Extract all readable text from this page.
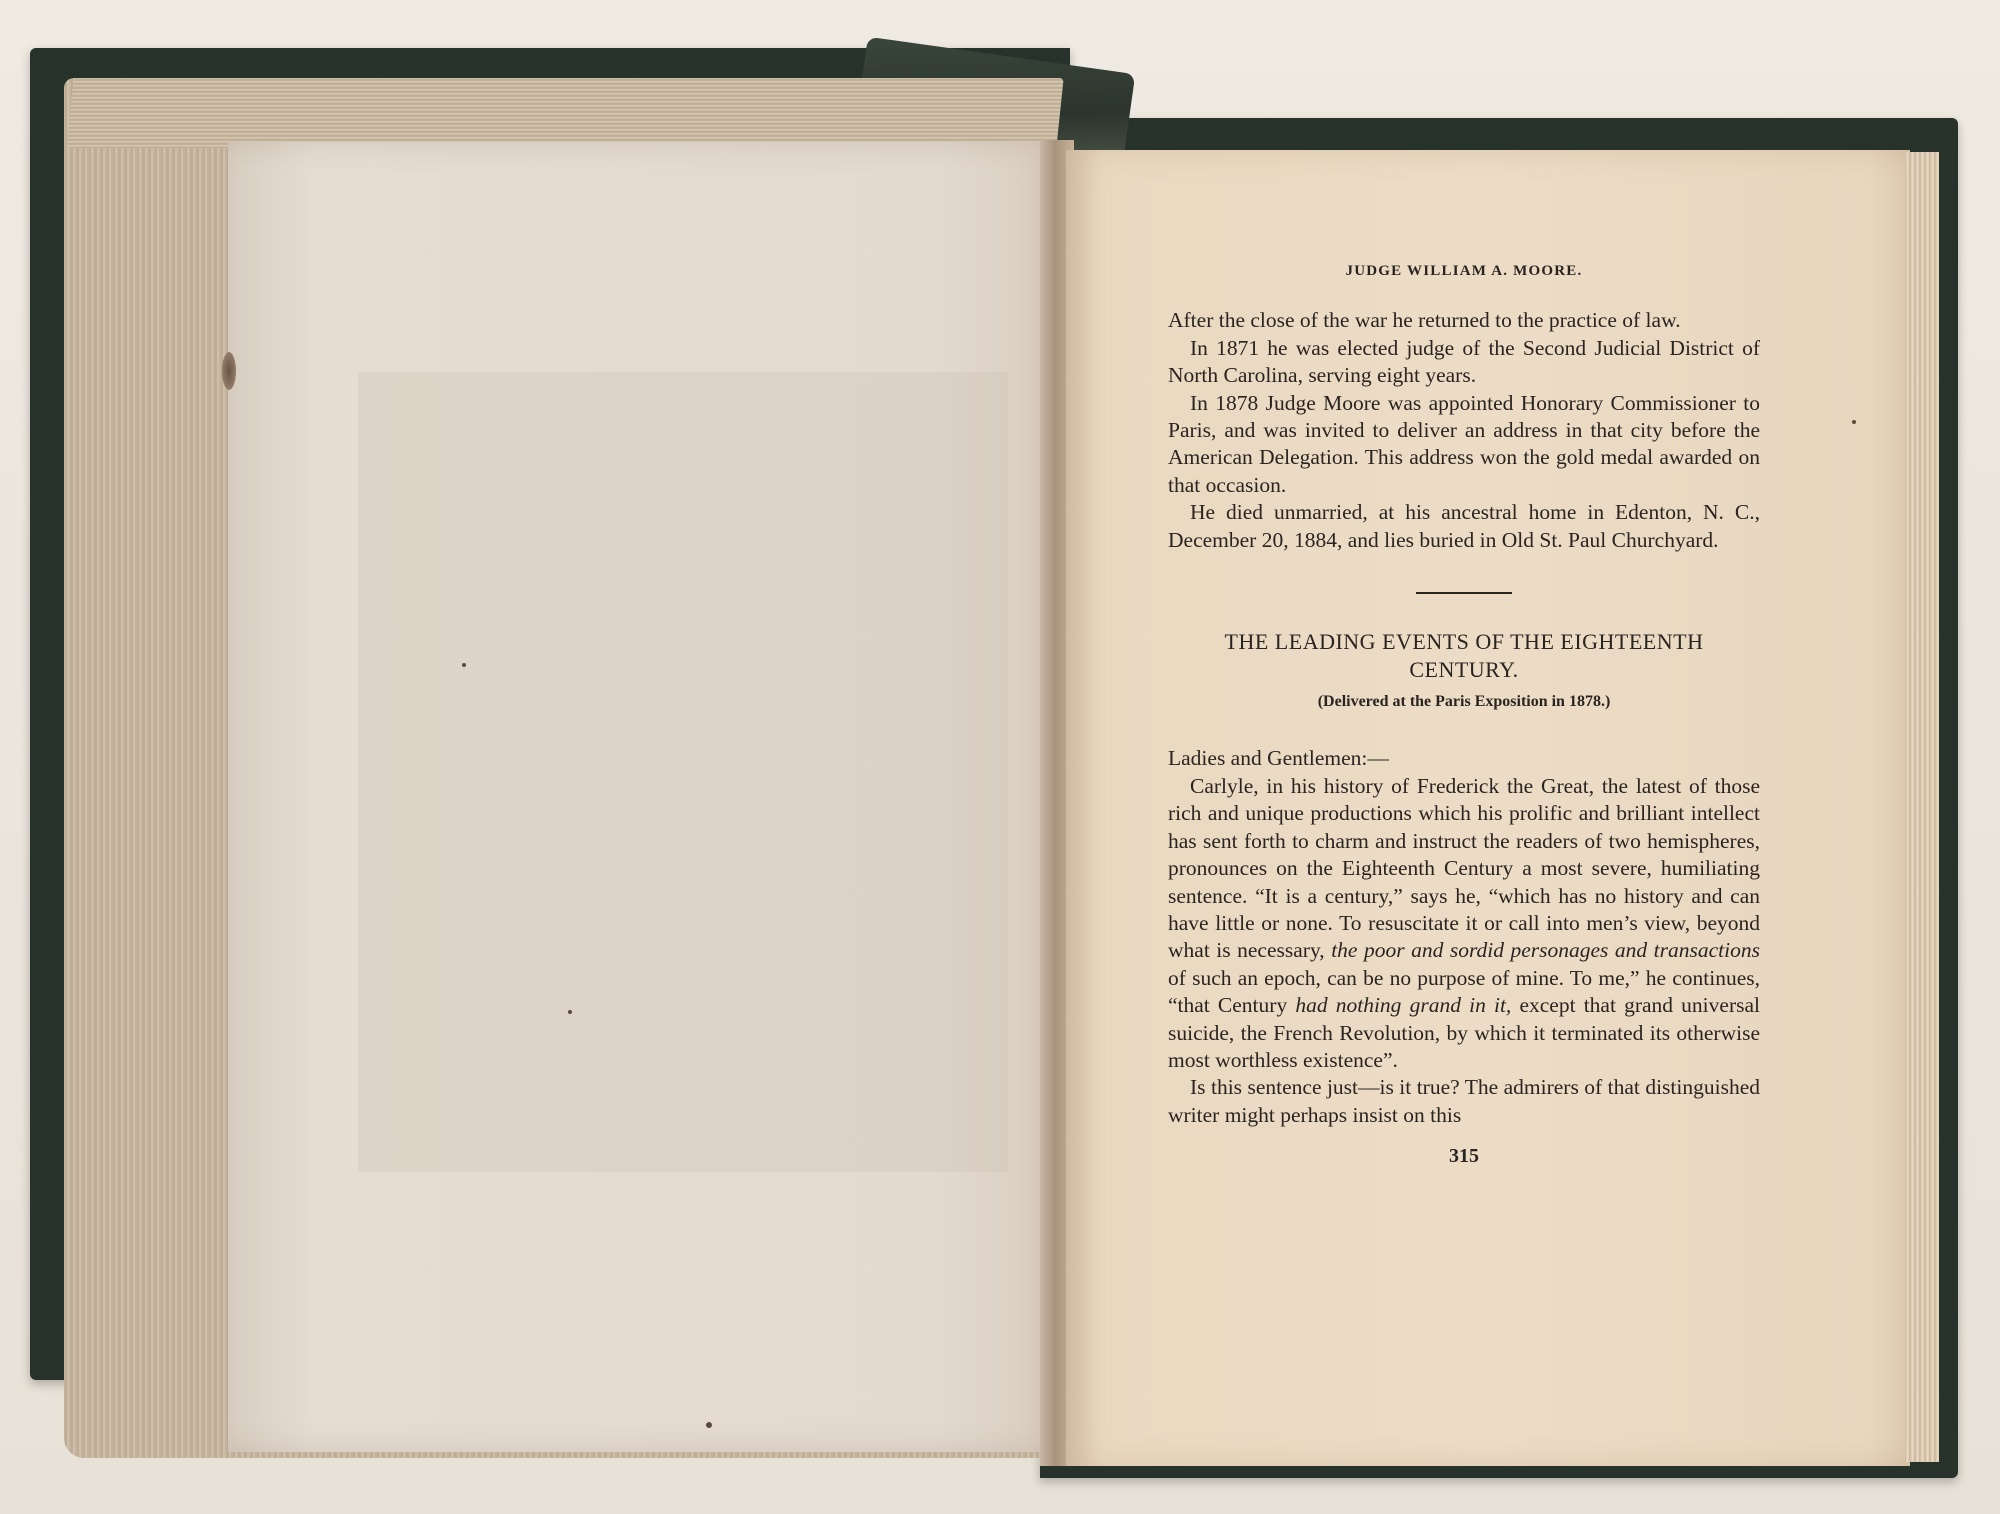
JUDGE WILLIAM A. MOORE.

After the close of the war he returned to the practice of law.

In 1871 he was elected judge of the Second Judicial District of North Carolina, serving eight years.

In 1878 Judge Moore was appointed Honorary Commissioner to Paris, and was invited to deliver an address in that city before the American Delegation. This address won the gold medal awarded on that occasion.

He died unmarried, at his ancestral home in Edenton, N. C., December 20, 1884, and lies buried in Old St. Paul Churchyard.

THE LEADING EVENTS OF THE EIGHTEENTH
CENTURY.

(Delivered at the Paris Exposition in 1878.)

Ladies and Gentlemen:—

Carlyle, in his history of Frederick the Great, the latest of those rich and unique productions which his prolific and brilliant intellect has sent forth to charm and instruct the readers of two hemispheres, pronounces on the Eighteenth Century a most severe, humiliating sentence. “It is a century,” says he, “which has no history and can have little or none. To resuscitate it or call into men’s view, beyond what is necessary, the poor and sordid personages and transactions of such an epoch, can be no purpose of mine. To me,” he continues, “that Century had nothing grand in it, except that grand universal suicide, the French Revolution, by which it terminated its otherwise most worthless existence”.

Is this sentence just—is it true? The admirers of that distinguished writer might perhaps insist on this

315
